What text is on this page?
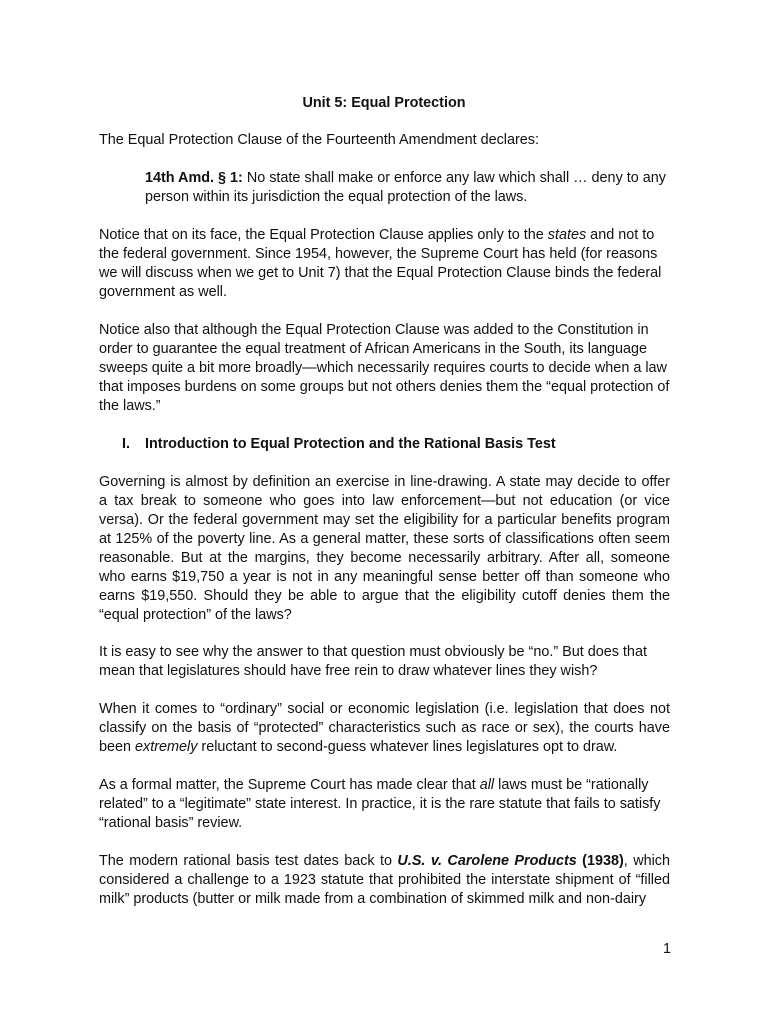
Unit 5: Equal Protection

The Equal Protection Clause of the Fourteenth Amendment declares:

14th Amd. § 1: No state shall make or enforce any law which shall … deny to any person within its jurisdiction the equal protection of the laws.

Notice that on its face, the Equal Protection Clause applies only to the states and not to the federal government. Since 1954, however, the Supreme Court has held (for reasons we will discuss when we get to Unit 7) that the Equal Protection Clause binds the federal government as well.

Notice also that although the Equal Protection Clause was added to the Constitution in order to guarantee the equal treatment of African Americans in the South, its language sweeps quite a bit more broadly—which necessarily requires courts to decide when a law that imposes burdens on some groups but not others denies them the “equal protection of the laws.”

I. Introduction to Equal Protection and the Rational Basis Test

Governing is almost by definition an exercise in line-drawing. A state may decide to offer a tax break to someone who goes into law enforcement—but not education (or vice versa). Or the federal government may set the eligibility for a particular benefits program at 125% of the poverty line. As a general matter, these sorts of classifications often seem reasonable. But at the margins, they become necessarily arbitrary. After all, someone who earns $19,750 a year is not in any meaningful sense better off than someone who earns $19,550. Should they be able to argue that the eligibility cutoff denies them the “equal protection” of the laws?

It is easy to see why the answer to that question must obviously be “no.” But does that mean that legislatures should have free rein to draw whatever lines they wish?

When it comes to “ordinary” social or economic legislation (i.e. legislation that does not classify on the basis of “protected” characteristics such as race or sex), the courts have been extremely reluctant to second-guess whatever lines legislatures opt to draw.

As a formal matter, the Supreme Court has made clear that all laws must be “rationally related” to a “legitimate” state interest. In practice, it is the rare statute that fails to satisfy “rational basis” review.

The modern rational basis test dates back to U.S. v. Carolene Products (1938), which considered a challenge to a 1923 statute that prohibited the interstate shipment of “filled milk” products (butter or milk made from a combination of skimmed milk and non-dairy

1
